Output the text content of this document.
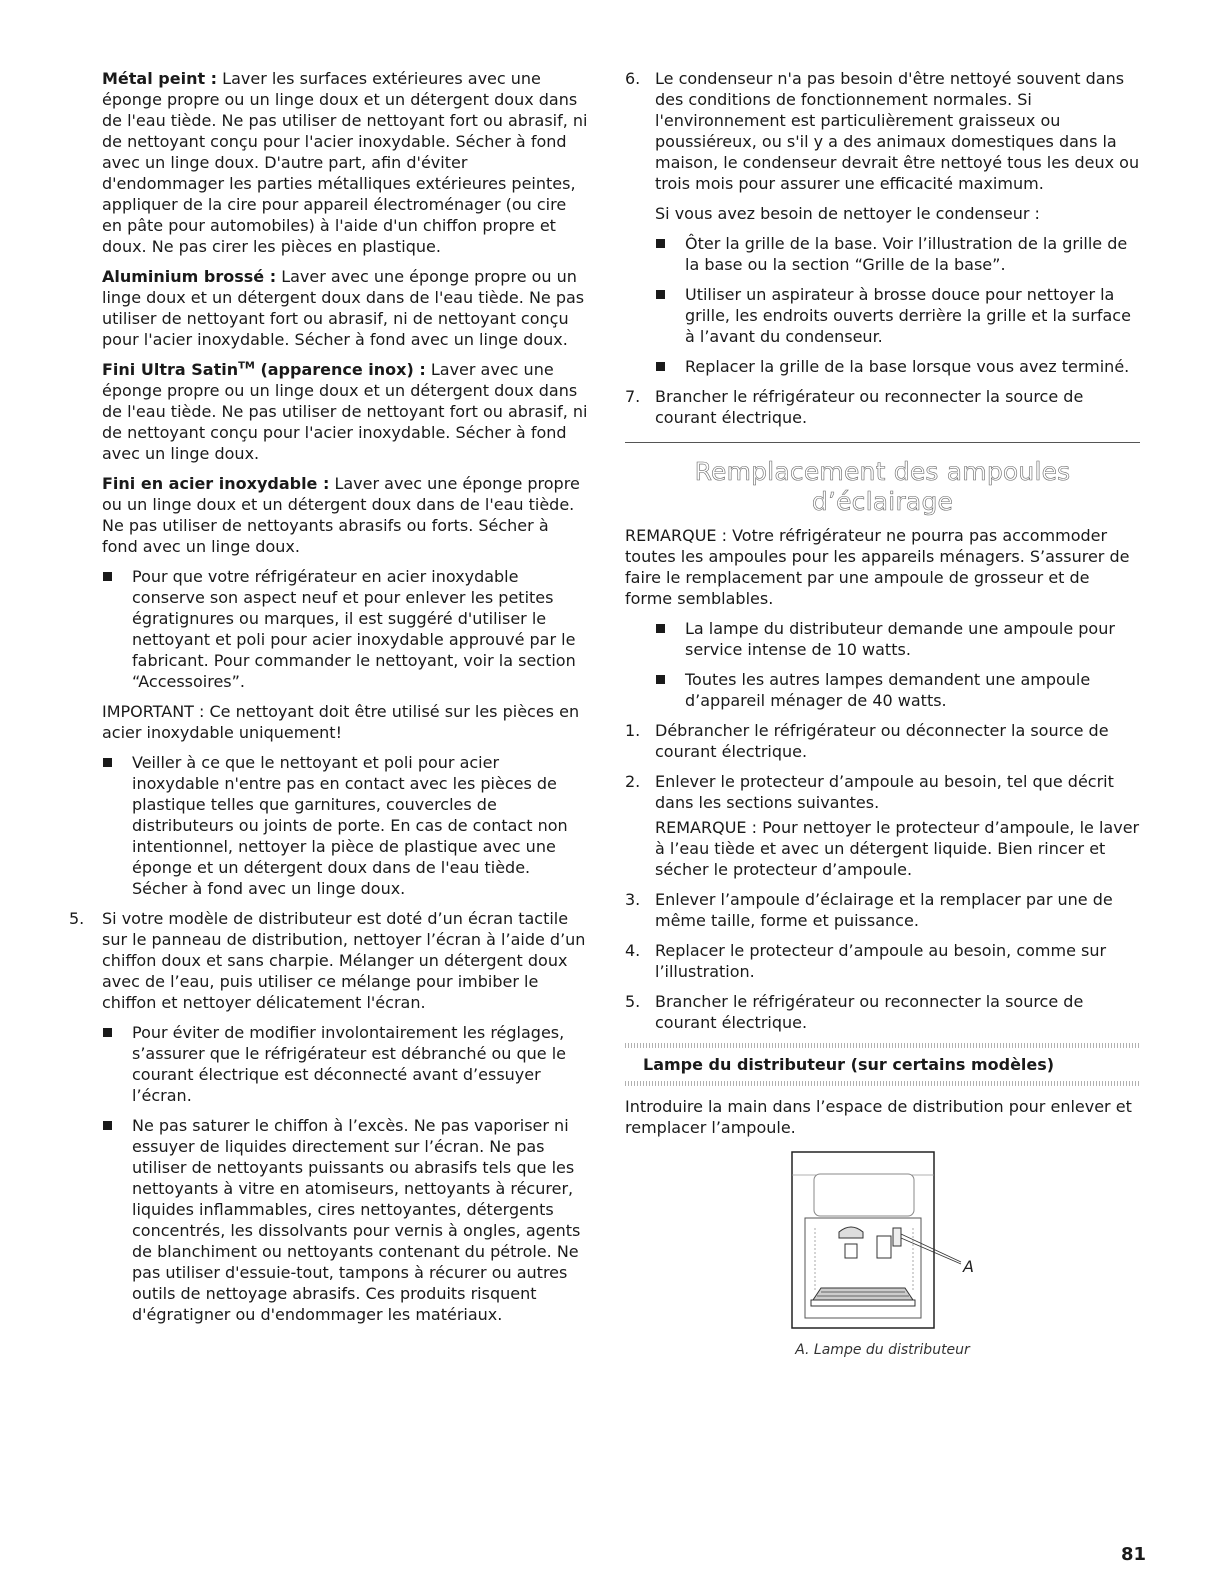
Métal peint : Laver les surfaces extérieures avec une éponge propre ou un linge doux et un détergent doux dans de l'eau tiède. Ne pas utiliser de nettoyant fort ou abrasif, ni de nettoyant conçu pour l'acier inoxydable. Sécher à fond avec un linge doux. D'autre part, afin d'éviter d'endommager les parties métalliques extérieures peintes, appliquer de la cire pour appareil électroménager (ou cire en pâte pour automobiles) à l'aide d'un chiffon propre et doux. Ne pas cirer les pièces en plastique.

Aluminium brossé : Laver avec une éponge propre ou un linge doux et un détergent doux dans de l'eau tiède. Ne pas utiliser de nettoyant fort ou abrasif, ni de nettoyant conçu pour l'acier inoxydable. Sécher à fond avec un linge doux.

Fini Ultra Satin™ (apparence inox) : Laver avec une éponge propre ou un linge doux et un détergent doux dans de l'eau tiède. Ne pas utiliser de nettoyant fort ou abrasif, ni de nettoyant conçu pour l'acier inoxydable. Sécher à fond avec un linge doux.

Fini en acier inoxydable : Laver avec une éponge propre ou un linge doux et un détergent doux dans de l'eau tiède. Ne pas utiliser de nettoyants abrasifs ou forts. Sécher à fond avec un linge doux.

Pour que votre réfrigérateur en acier inoxydable conserve son aspect neuf et pour enlever les petites égratignures ou marques, il est suggéré d'utiliser le nettoyant et poli pour acier inoxydable approuvé par le fabricant. Pour commander le nettoyant, voir la section “Accessoires”.

IMPORTANT : Ce nettoyant doit être utilisé sur les pièces en acier inoxydable uniquement!

Veiller à ce que le nettoyant et poli pour acier inoxydable n'entre pas en contact avec les pièces de plastique telles que garnitures, couvercles de distributeurs ou joints de porte. En cas de contact non intentionnel, nettoyer la pièce de plastique avec une éponge et un détergent doux dans de l'eau tiède. Sécher à fond avec un linge doux.
5. Si votre modèle de distributeur est doté d’un écran tactile sur le panneau de distribution, nettoyer l’écran à l’aide d’un chiffon doux et sans charpie. Mélanger un détergent doux avec de l’eau, puis utiliser ce mélange pour imbiber le chiffon et nettoyer délicatement l'écran.
Pour éviter de modifier involontairement les réglages, s’assurer que le réfrigérateur est débranché ou que le courant électrique est déconnecté avant d’essuyer l’écran.
Ne pas saturer le chiffon à l’excès. Ne pas vaporiser ni essuyer de liquides directement sur l’écran. Ne pas utiliser de nettoyants puissants ou abrasifs tels que les nettoyants à vitre en atomiseurs, nettoyants à récurer, liquides inflammables, cires nettoyantes, détergents concentrés, les dissolvants pour vernis à ongles, agents de blanchiment ou nettoyants contenant du pétrole. Ne pas utiliser d'essuie-tout, tampons à récurer ou autres outils de nettoyage abrasifs. Ces produits risquent d'égratigner ou d'endommager les matériaux.
6. Le condenseur n'a pas besoin d'être nettoyé souvent dans des conditions de fonctionnement normales. Si l'environnement est particulièrement graisseux ou poussiéreux, ou s'il y a des animaux domestiques dans la maison, le condenseur devrait être nettoyé tous les deux ou trois mois pour assurer une efficacité maximum.

Si vous avez besoin de nettoyer le condenseur :

Ôter la grille de la base. Voir l’illustration de la grille de la base ou la section “Grille de la base”.
Utiliser un aspirateur à brosse douce pour nettoyer la grille, les endroits ouverts derrière la grille et la surface à l’avant du condenseur.
Replacer la grille de la base lorsque vous avez terminé.
7. Brancher le réfrigérateur ou reconnecter la source de courant électrique.
Remplacement des ampoules d’éclairage

REMARQUE : Votre réfrigérateur ne pourra pas accommoder toutes les ampoules pour les appareils ménagers. S’assurer de faire le remplacement par une ampoule de grosseur et de forme semblables.

La lampe du distributeur demande une ampoule pour service intense de 10 watts.
Toutes les autres lampes demandent une ampoule d’appareil ménager de 40 watts.
1. Débrancher le réfrigérateur ou déconnecter la source de courant électrique.
2. Enlever le protecteur d’ampoule au besoin, tel que décrit dans les sections suivantes.

REMARQUE : Pour nettoyer le protecteur d’ampoule, le laver à l’eau tiède et avec un détergent liquide. Bien rincer et sécher le protecteur d’ampoule.

3. Enlever l’ampoule d’éclairage et la remplacer par une de même taille, forme et puissance.
4. Replacer le protecteur d’ampoule au besoin, comme sur l’illustration.
5. Brancher le réfrigérateur ou reconnecter la source de courant électrique.
Lampe du distributeur (sur certains modèles)

Introduire la main dans l’espace de distribution pour enlever et remplacer l’ampoule.

A
A. Lampe du distributeur
81
